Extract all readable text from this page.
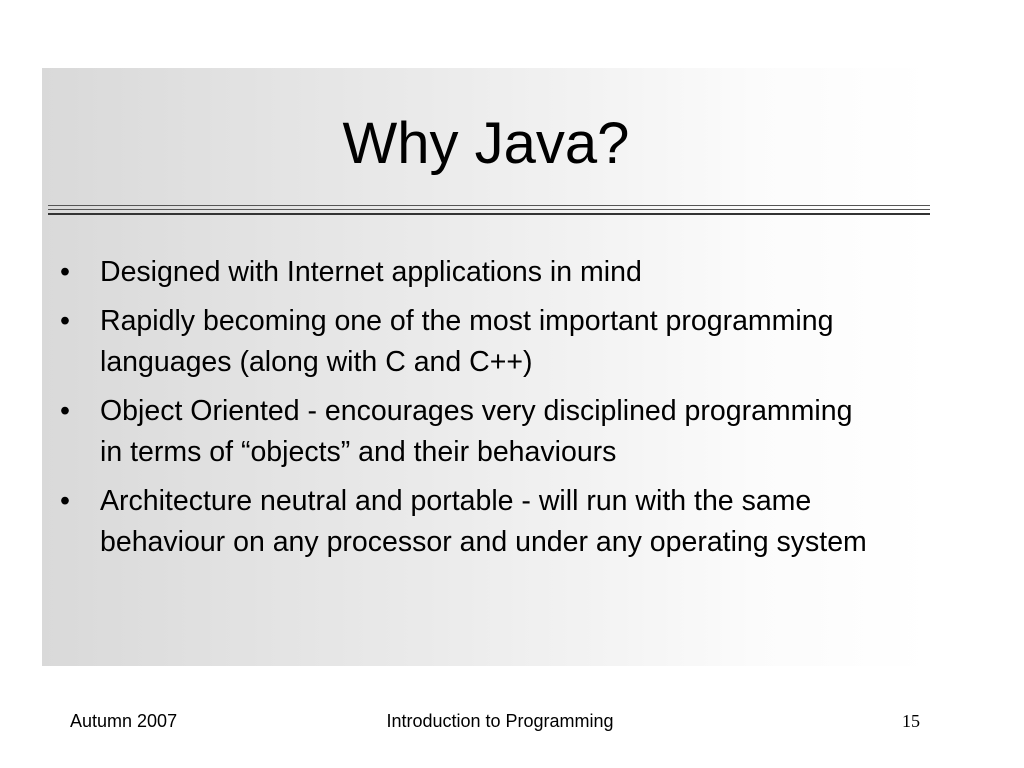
Why Java?
•	Designed with Internet applications in mind
•	Rapidly becoming one of the most important programming languages (along with C and C++)
•	Object Oriented - encourages very disciplined programming in terms of “objects” and their behaviours
•	Architecture neutral and portable - will run with the same behaviour on any processor and under any operating system
Autumn 2007	Introduction to Programming	15
